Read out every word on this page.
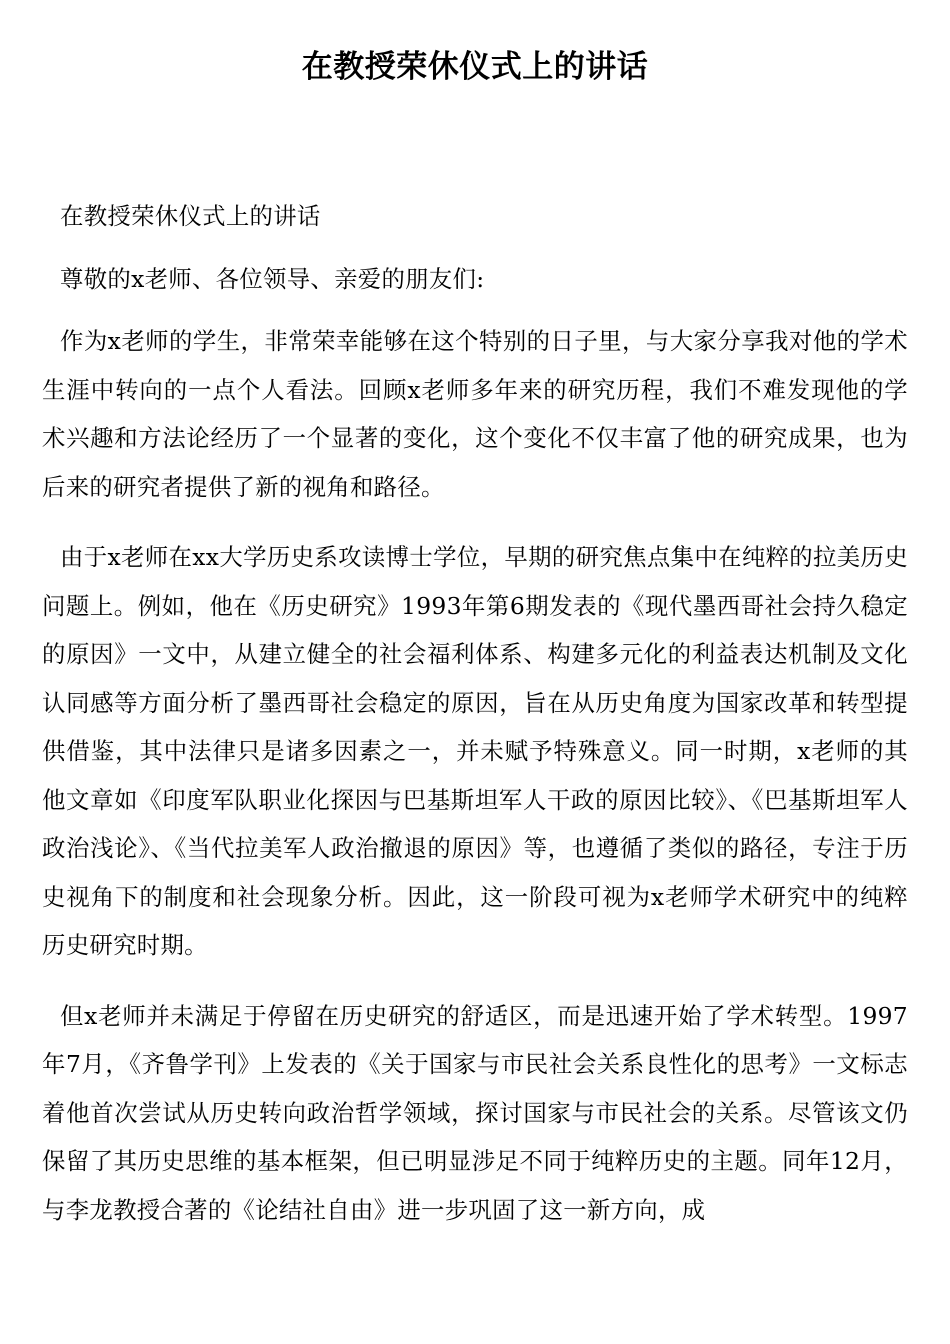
在教授荣休仪式上的讲话

在教授荣休仪式上的讲话

尊敬的x老师、各位领导、亲爱的朋友们:

作为x老师的学生，非常荣幸能够在这个特别的日子里，与大家分享我对他的学术生涯中转向的一点个人看法。回顾x老师多年来的研究历程，我们不难发现他的学术兴趣和方法论经历了一个显著的变化，这个变化不仅丰富了他的研究成果，也为后来的研究者提供了新的视角和路径。

由于x老师在xx大学历史系攻读博士学位，早期的研究焦点集中在纯粹的拉美历史问题上。例如，他在《历史研究》1993年第6期发表的《现代墨西哥社会持久稳定的原因》一文中，从建立健全的社会福利体系、构建多元化的利益表达机制及文化认同感等方面分析了墨西哥社会稳定的原因，旨在从历史角度为国家改革和转型提供借鉴，其中法律只是诸多因素之一，并未赋予特殊意义。同一时期，x老师的其他文章如《印度军队职业化探因与巴基斯坦军人干政的原因比较》、《巴基斯坦军人政治浅论》、《当代拉美军人政治撤退的原因》等，也遵循了类似的路径，专注于历史视角下的制度和社会现象分析。因此，这一阶段可视为x老师学术研究中的纯粹历史研究时期。

但x老师并未满足于停留在历史研究的舒适区，而是迅速开始了学术转型。1997年7月，《齐鲁学刊》上发表的《关于国家与市民社会关系良性化的思考》一文标志着他首次尝试从历史转向政治哲学领域，探讨国家与市民社会的关系。尽管该文仍保留了其历史思维的基本框架，但已明显涉足不同于纯粹历史的主题。同年12月，与李龙教授合著的《论结社自由》进一步巩固了这一新方向，成
